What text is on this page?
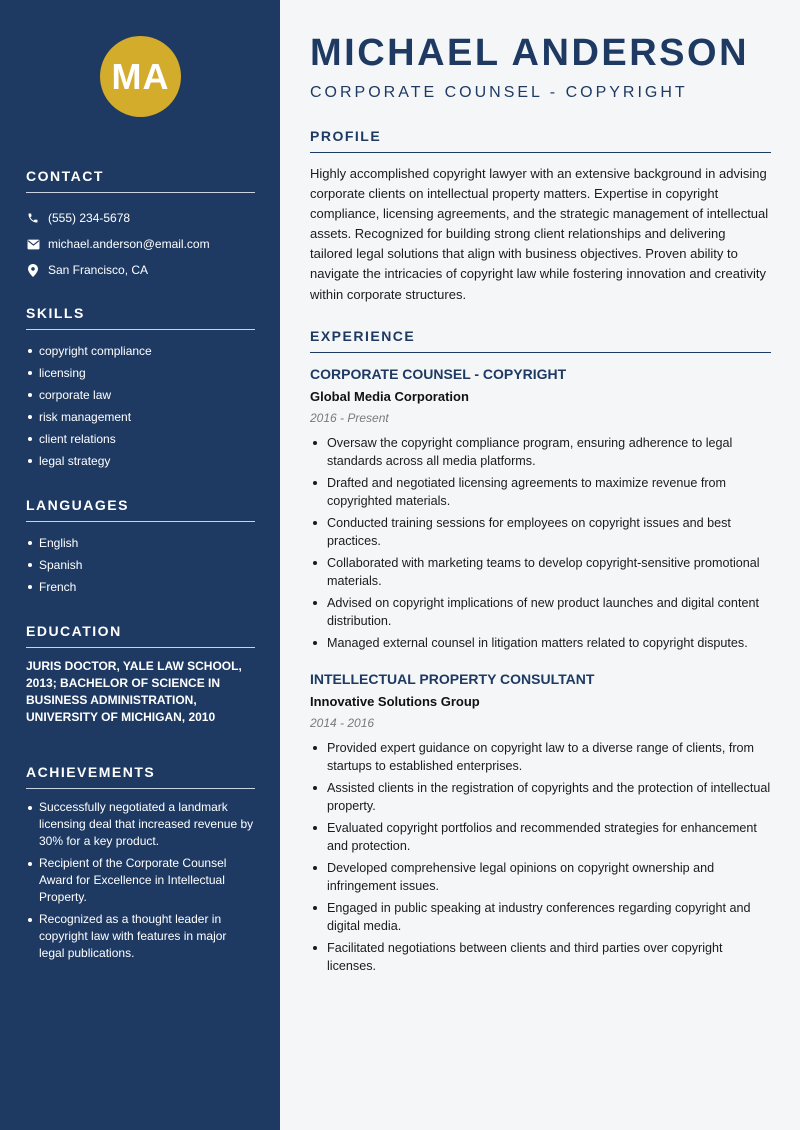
MA
CONTACT
(555) 234-5678
michael.anderson@email.com
San Francisco, CA
SKILLS
copyright compliance
licensing
corporate law
risk management
client relations
legal strategy
LANGUAGES
English
Spanish
French
EDUCATION
JURIS DOCTOR, YALE LAW SCHOOL, 2013; BACHELOR OF SCIENCE IN BUSINESS ADMINISTRATION, UNIVERSITY OF MICHIGAN, 2010
ACHIEVEMENTS
Successfully negotiated a landmark licensing deal that increased revenue by 30% for a key product.
Recipient of the Corporate Counsel Award for Excellence in Intellectual Property.
Recognized as a thought leader in copyright law with features in major legal publications.
MICHAEL ANDERSON
CORPORATE COUNSEL - COPYRIGHT
PROFILE
Highly accomplished copyright lawyer with an extensive background in advising corporate clients on intellectual property matters. Expertise in copyright compliance, licensing agreements, and the strategic management of intellectual assets. Recognized for building strong client relationships and delivering tailored legal solutions that align with business objectives. Proven ability to navigate the intricacies of copyright law while fostering innovation and creativity within corporate structures.
EXPERIENCE
CORPORATE COUNSEL - COPYRIGHT
Global Media Corporation
2016 - Present
Oversaw the copyright compliance program, ensuring adherence to legal standards across all media platforms.
Drafted and negotiated licensing agreements to maximize revenue from copyrighted materials.
Conducted training sessions for employees on copyright issues and best practices.
Collaborated with marketing teams to develop copyright-sensitive promotional materials.
Advised on copyright implications of new product launches and digital content distribution.
Managed external counsel in litigation matters related to copyright disputes.
INTELLECTUAL PROPERTY CONSULTANT
Innovative Solutions Group
2014 - 2016
Provided expert guidance on copyright law to a diverse range of clients, from startups to established enterprises.
Assisted clients in the registration of copyrights and the protection of intellectual property.
Evaluated copyright portfolios and recommended strategies for enhancement and protection.
Developed comprehensive legal opinions on copyright ownership and infringement issues.
Engaged in public speaking at industry conferences regarding copyright and digital media.
Facilitated negotiations between clients and third parties over copyright licenses.
